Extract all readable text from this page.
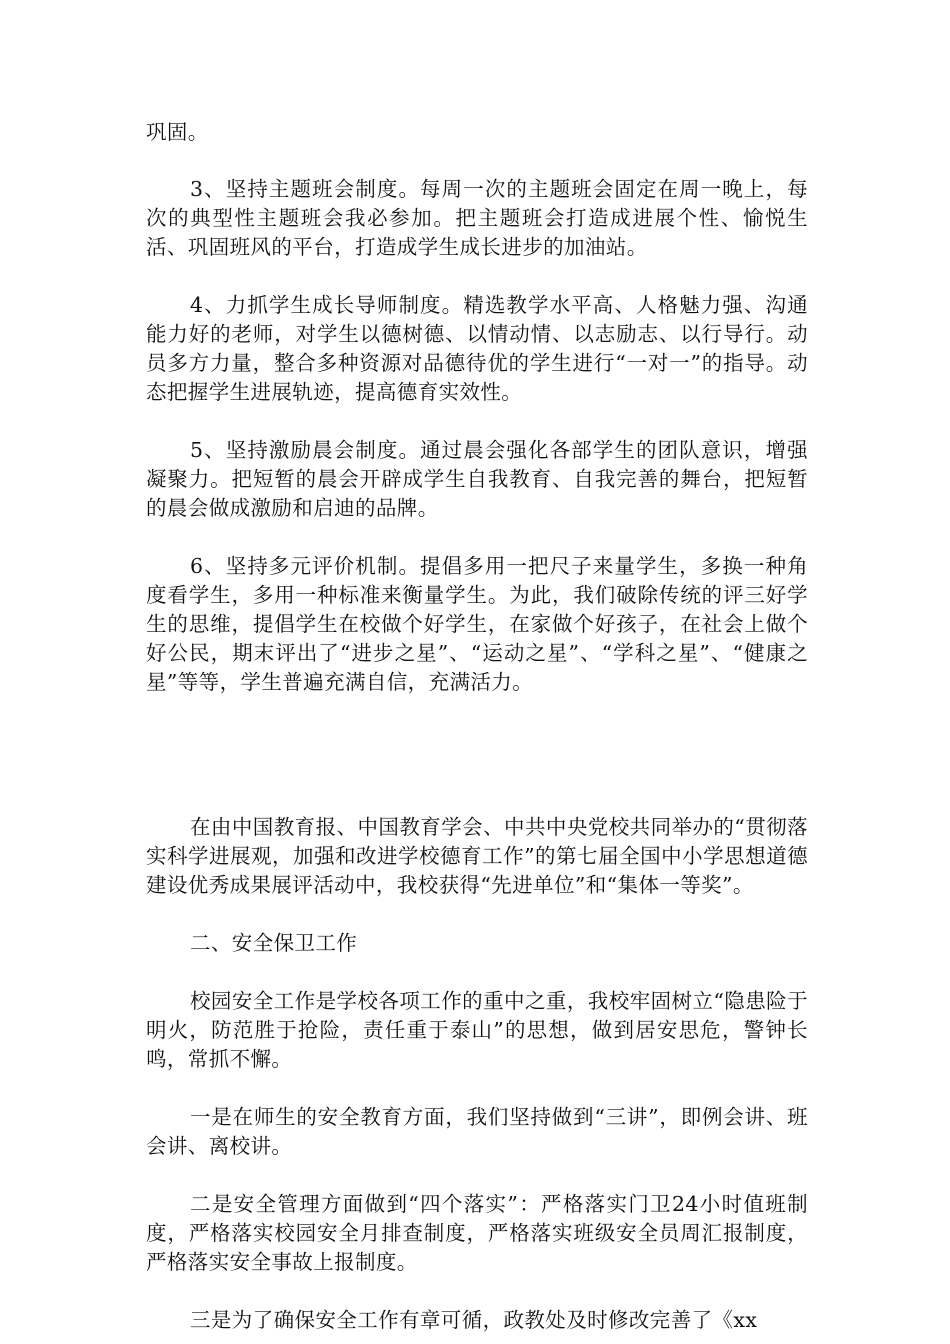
巩固。

3、坚持主题班会制度。每周一次的主题班会固定在周一晚上，每次的典型性主题班会我必参加。把主题班会打造成进展个性、愉悦生活、巩固班风的平台，打造成学生成长进步的加油站。

4、力抓学生成长导师制度。精选教学水平高、人格魅力强、沟通能力好的老师，对学生以德树德、以情动情、以志励志、以行导行。动员多方力量，整合多种资源对品德待优的学生进行“一对一”的指导。动态把握学生进展轨迹，提高德育实效性。

5、坚持激励晨会制度。通过晨会强化各部学生的团队意识，增强凝聚力。把短暂的晨会开辟成学生自我教育、自我完善的舞台，把短暂的晨会做成激励和启迪的品牌。

6、坚持多元评价机制。提倡多用一把尺子来量学生，多换一种角度看学生，多用一种标准来衡量学生。为此，我们破除传统的评三好学生的思维，提倡学生在校做个好学生，在家做个好孩子，在社会上做个好公民，期末评出了“进步之星”、“运动之星”、“学科之星”、“健康之星”等等，学生普遍充满自信，充满活力。

在由中国教育报、中国教育学会、中共中央党校共同举办的“贯彻落实科学进展观，加强和改进学校德育工作”的第七届全国中小学思想道德建设优秀成果展评活动中，我校获得“先进单位”和“集体一等奖”。

二、安全保卫工作

校园安全工作是学校各项工作的重中之重，我校牢固树立“隐患险于明火，防范胜于抢险，责任重于泰山”的思想，做到居安思危，警钟长鸣，常抓不懈。

一是在师生的安全教育方面，我们坚持做到“三讲”，即例会讲、班会讲、离校讲。

二是安全管理方面做到“四个落实”：严格落实门卫24小时值班制度，严格落实校园安全月排查制度，严格落实班级安全员周汇报制度，严格落实安全事故上报制度。

三是为了确保安全工作有章可循，政教处及时修改完善了《xx
